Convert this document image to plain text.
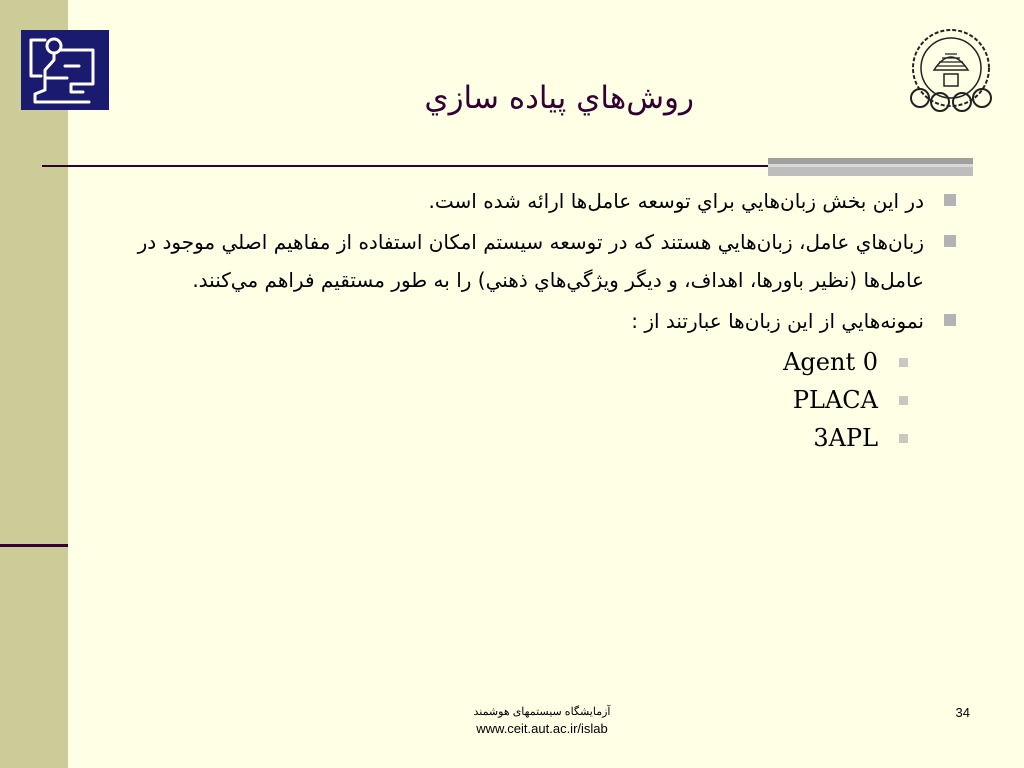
روش‌هاي پياده سازي
در اين بخش زبان‌هايي براي توسعه عامل‌ها ارائه شده است.
زبان‌هاي عامل، زبان‌هايي هستند که در توسعه سيستم امکان استفاده از مفاهيم اصلي موجود در عامل‌ها (نظير باورها، اهداف، و ديگر ويژگي‌هاي ذهني) را به طور مستقيم فراهم مي‌کنند.
نمونه‌هايي از اين زبان‌ها عبارتند از :
Agent 0
PLACA
3APL
آزمايشگاه سيستمهای هوشمند
www.ceit.aut.ac.ir/islab
34
